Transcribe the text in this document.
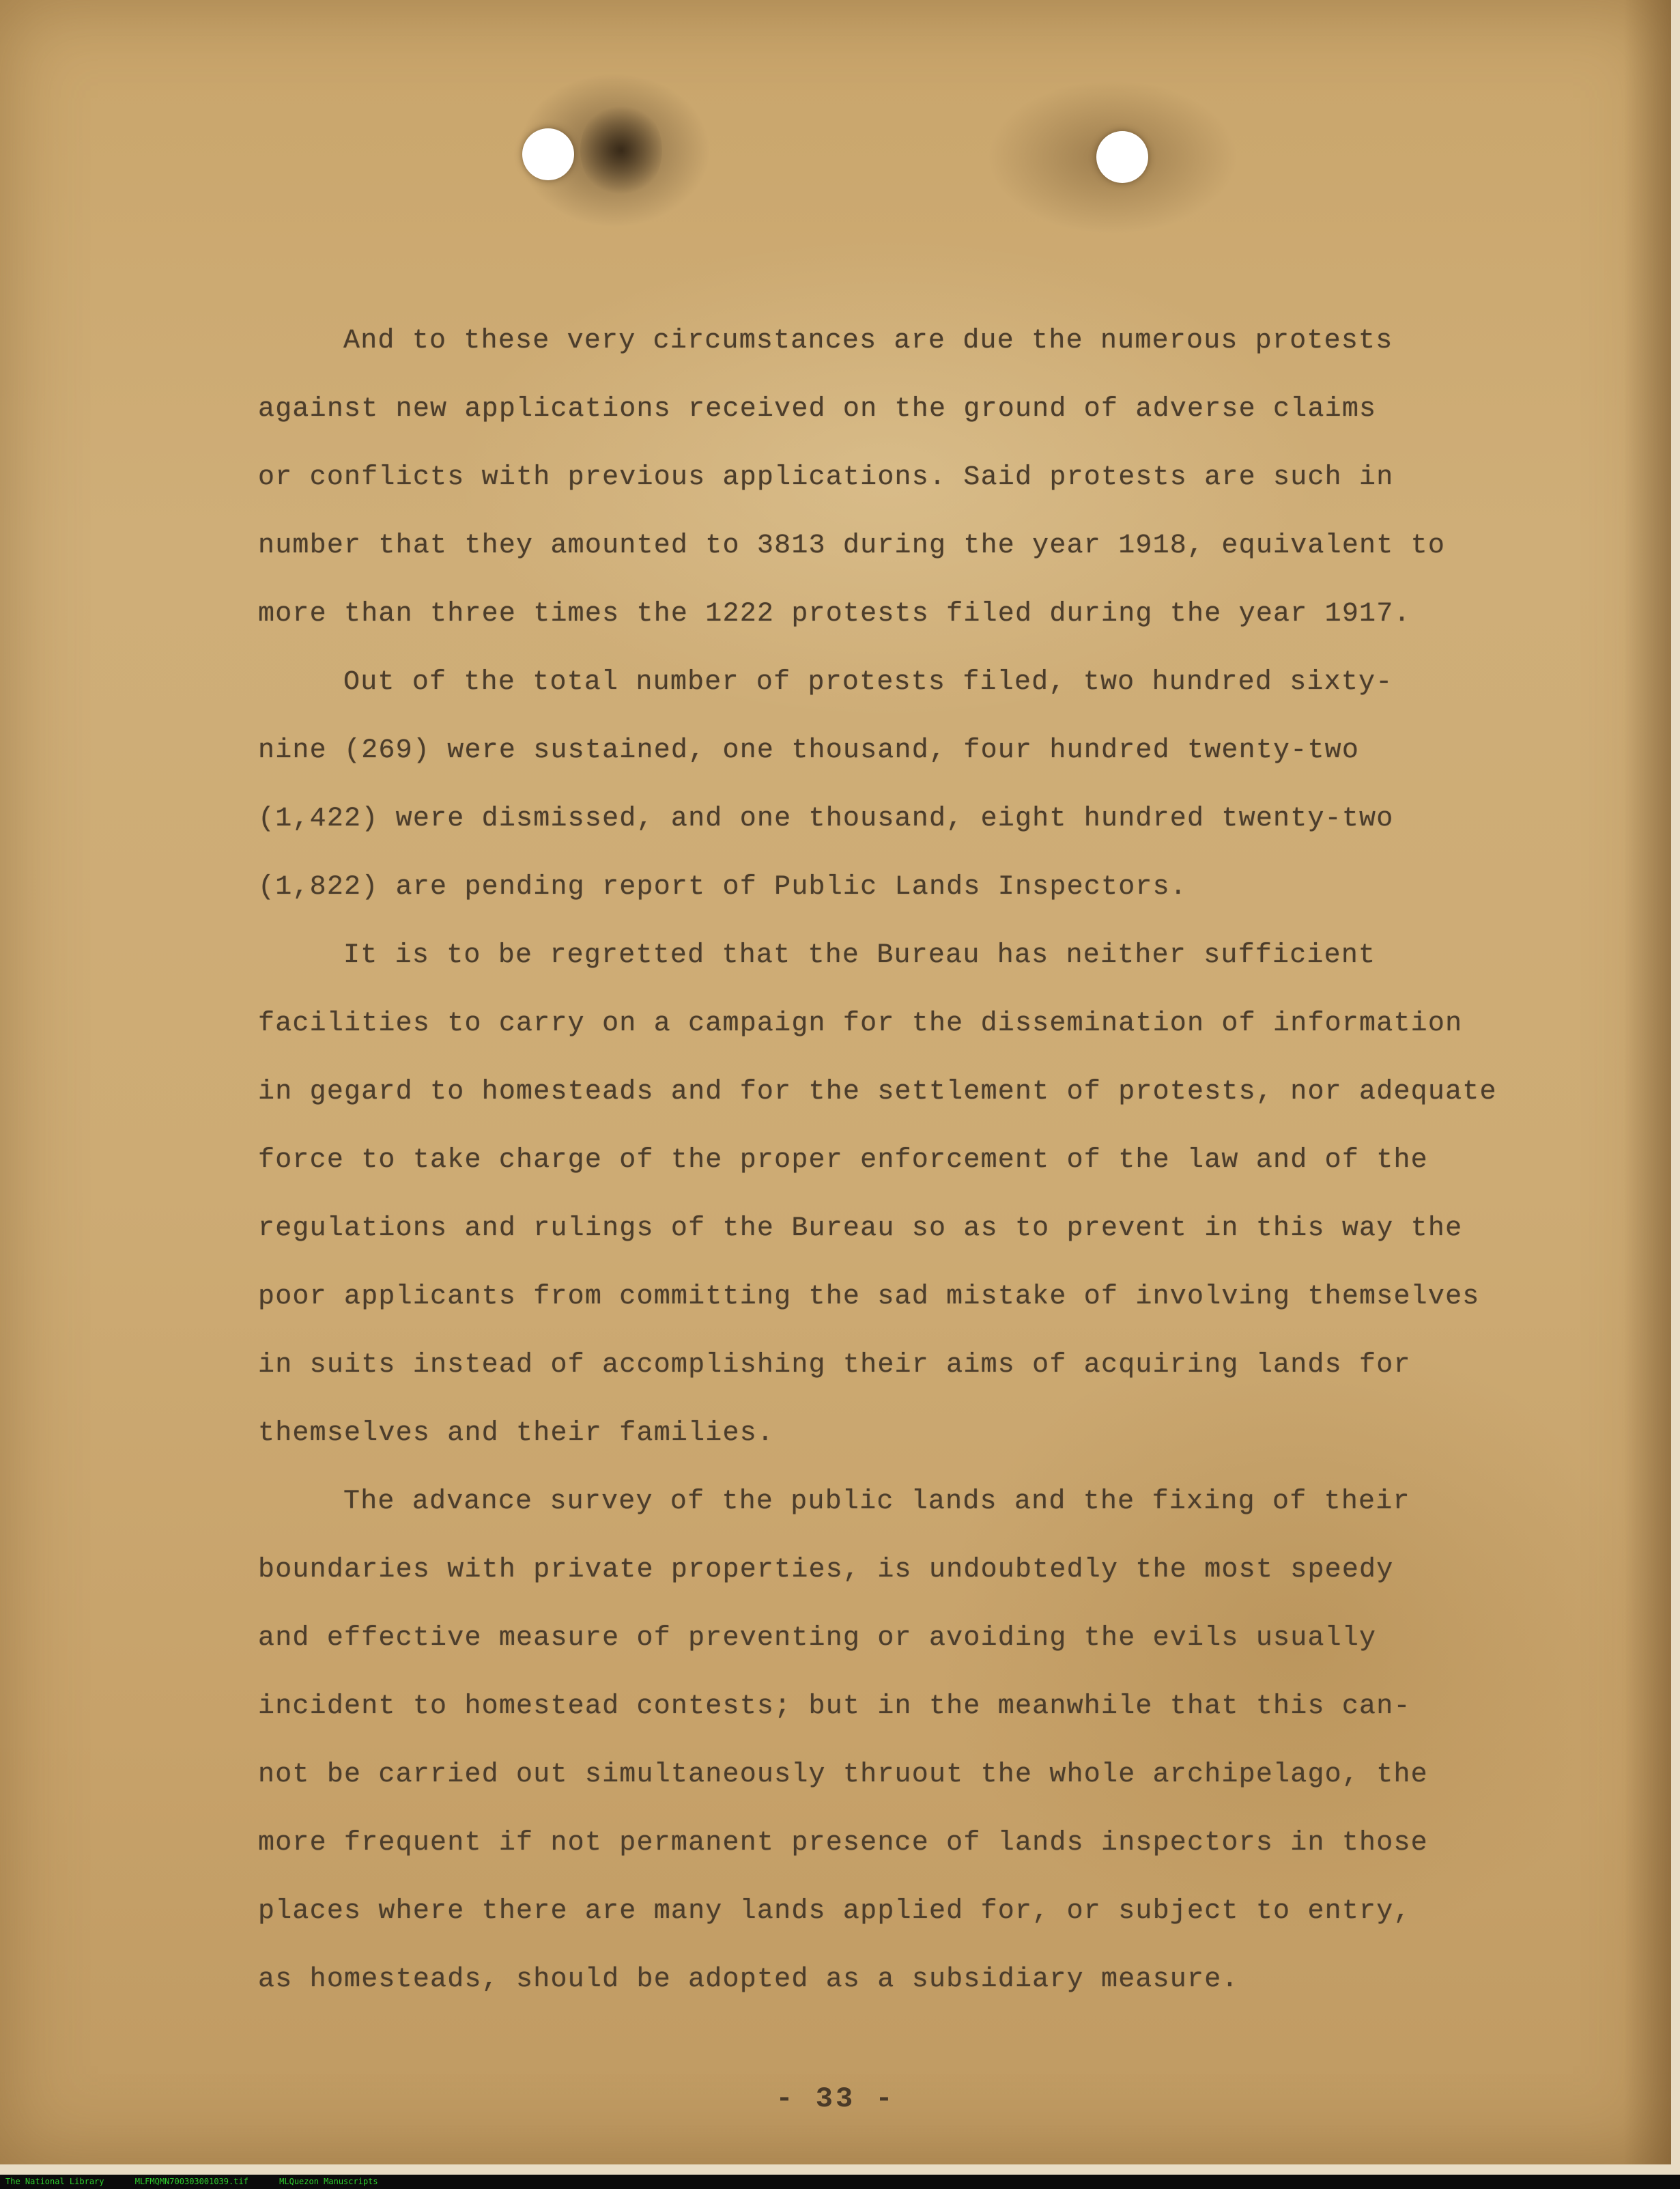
And to these very circumstances are due the numerous protests
against new applications received on the ground of adverse claims
or conflicts with previous applications. Said protests are such in
number that they amounted to 3813 during the year 1918, equivalent to
more than three times the 1222 protests filed during the year 1917.

Out of the total number of protests filed, two hundred sixty-
nine (269) were sustained, one thousand, four hundred twenty-two
(1,422) were dismissed, and one thousand, eight hundred twenty-two
(1,822) are pending report of Public Lands Inspectors.

It is to be regretted that the Bureau has neither sufficient
facilities to carry on a campaign for the dissemination of information
in gegard to homesteads and for the settlement of protests, nor adequate
force to take charge of the proper enforcement of the law and of the
regulations and rulings of the Bureau so as to prevent in this way the
poor applicants from committing the sad mistake of involving themselves
in suits instead of accomplishing their aims of acquiring lands for
themselves and their families.

The advance survey of the public lands and the fixing of their
boundaries with private properties, is undoubtedly the most speedy
and effective measure of preventing or avoiding the evils usually
incident to homestead contests; but in the meanwhile that this can-
not be carried out simultaneously thruout the whole archipelago, the
more frequent if not permanent presence of lands inspectors in those
places where there are many lands applied for, or subject to entry,
as homesteads, should be adopted as a subsidiary measure.

- 33 -
The National Library	MLFMQMN700303001039.tif	MLQuezon Manuscripts
